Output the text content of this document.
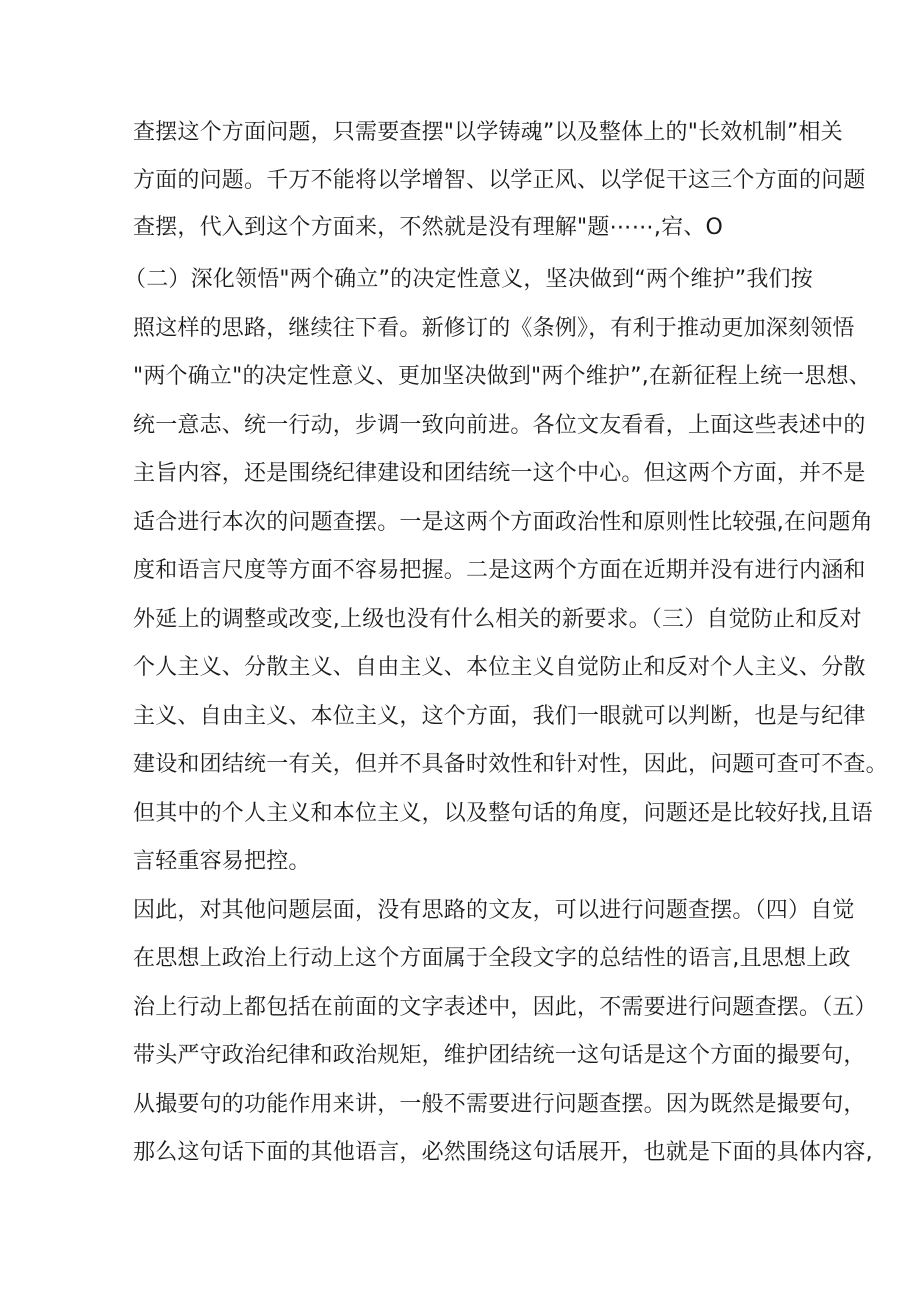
查摆这个方面问题，只需要查摆"以学铸魂”以及整体上的"长效机制”相关
方面的问题。千万不能将以学增智、以学正风、以学促干这三个方面的问题
查摆，代入到这个方面来，不然就是没有理解"题⋯⋯,宕、O
（二）深化领悟"两个确立”的决定性意义，坚决做到“两个维护”我们按
照这样的思路，继续往下看。新修订的《条例》，有利于推动更加深刻领悟
"两个确立"的决定性意义、更加坚决做到"两个维护”,在新征程上统一思想、
统一意志、统一行动，步调一致向前进。各位文友看看，上面这些表述中的
主旨内容，还是围绕纪律建设和团结统一这个中心。但这两个方面，并不是
适合进行本次的问题查摆。一是这两个方面政治性和原则性比较强,在问题角
度和语言尺度等方面不容易把握。二是这两个方面在近期并没有进行内涵和
外延上的调整或改变,上级也没有什么相关的新要求。（三）自觉防止和反对
个人主义、分散主义、自由主义、本位主义自觉防止和反对个人主义、分散
主义、自由主义、本位主义，这个方面，我们一眼就可以判断，也是与纪律
建设和团结统一有关，但并不具备时效性和针对性，因此，问题可查可不查。
但其中的个人主义和本位主义，以及整句话的角度，问题还是比较好找,且语
言轻重容易把控。
因此，对其他问题层面，没有思路的文友，可以进行问题查摆。（四）自觉
在思想上政治上行动上这个方面属于全段文字的总结性的语言,且思想上政
治上行动上都包括在前面的文字表述中，因此，不需要进行问题查摆。（五）
带头严守政治纪律和政治规矩，维护团结统一这句话是这个方面的撮要句，
从撮要句的功能作用来讲，一般不需要进行问题查摆。因为既然是撮要句，
那么这句话下面的其他语言，必然围绕这句话展开，也就是下面的具体内容,
